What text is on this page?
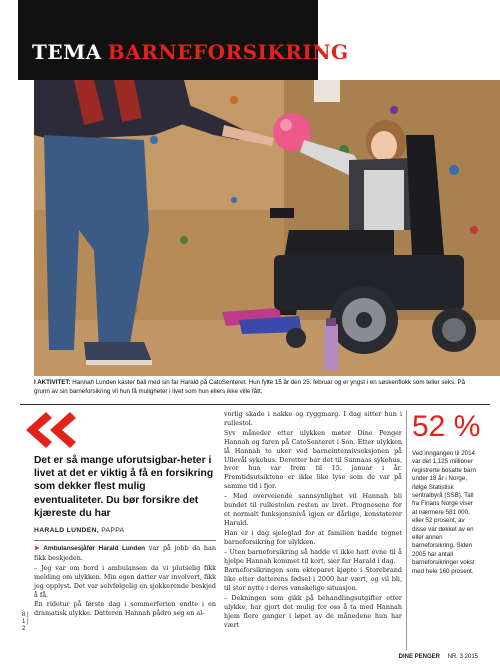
TEMA BARNEFORSIKRING
I AKTIVITET: Hannah Lunden kaster ball med sin far Harald på CatoSenteret. Hun fylte 15 år den 25. februar og er yngst i en søskenflokk som teller seks. På grunn av sin barneforsikring vil hun få muligheter i livet som hun ellers ikke ville fått.
Det er så mange uforutsigbar-heter i livet at det er viktig å få en forsikring som dekker flest mulig eventualiteter. Du bør forsikre det kjæreste du har
HARALD LUNDEN, PAPPA

➤ Ambulansesjåfør Harald Lunden var på jobb da han fikk beskjeden.

– Jeg var om bord i ambulansen da vi plutselig fikk melding om ulykken. Min egen datter var involvert, fikk jeg opplyst. Det var selvfølgelig en sjokkerende beskjed å få.

En ridetur på første dag i sommerferien endte i en dramatisk ulykke. Datteren Hannah pådro seg en al-

vorlig skade i nakke og ryggmarg. I dag sitter hun i rullestol.

Syv måneder etter ulykken møter Dine Penger Hannah og faren på CatoSenteret i Son. Etter ulykken lå Hannah to uker ved barneintensivseksjonen på Ullevål sykehus. Deretter bar det til Sunnaas sykehus, hvor hun var frem til 15. januar i år. Fremtidsutsiktene er ikke like lyse som de var på samme tid i fjor.

– Med overveiende sannsynlighet vil Hannah bli bundet til rullestolen resten av livet. Prognosene for et normalt funksjonsnivå igjen er dårlige, konstaterer Harald.

Han er i dag sjeleglad for at familien hadde tegnet barneforsikring for ulykken.

– Uten barneforsikring så hadde vi ikke hatt evne til å hjelpe Hannah kommet til kort, sier far Harald i dag.

Barneforsikringen som ekteparet kjøpte i Storebrand like etter datterens fødsel i 2000 har vært, og vil bli, til stor nytte i deres vanskelige situasjon.

– Dekningen som gikk på behandlingsutgifter etter ulykke, har gjort det mulig for oss å ta med Hannah hjem flere ganger i løpet av de månedene hun har vært

52 %
Ved inngangen til 2014 var det 1,125 millioner registrerte bosatte barn under 18 år i Norge, ifølge Statistisk sentralbyrå (SSB). Tall fra Finans Norge viser at nærmere 581 000, eller 52 prosent, av disse var dekket av en eller annen barneforsikring. Siden 2005 har antall barneforsikringer vokst med hele 160 prosent.
8 | 1 | 2
DINE PENGER NR. 3 2015
